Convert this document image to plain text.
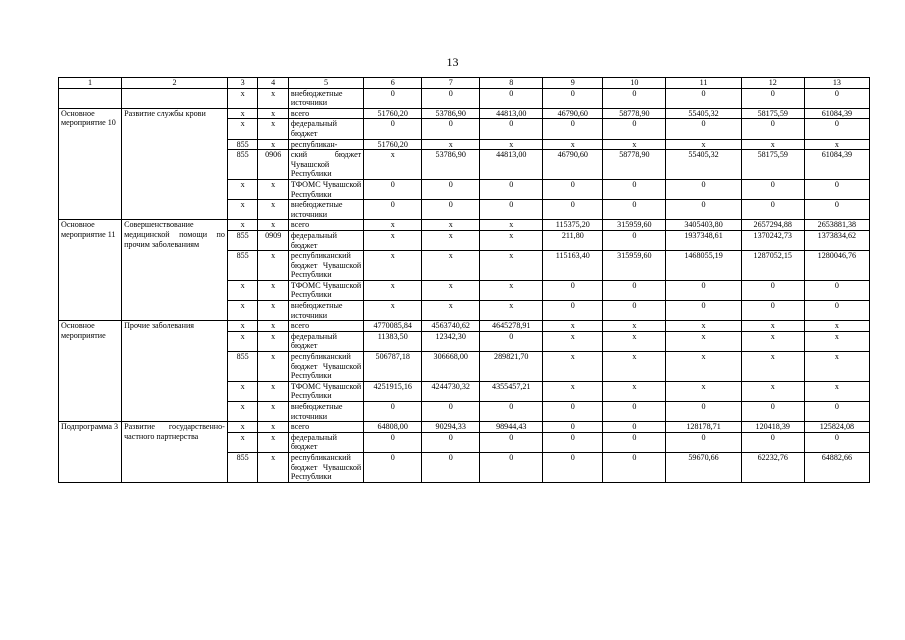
13
1	2	3	4	5	6	7	8	9	10	11	12	13
		x	x	внебюджетные источники	0	0	0	0	0	0	0	0
Основное мероприятие 10	Развитие службы крови	x	x	всего	51760,20	53786,90	44813,00	46790,60	58778,90	55405,32	58175,59	61084,39
		x	x	федеральный бюджет	0	0	0	0	0	0	0	0
		855	x	республикан-	51760,20	x	x	x	x	x	x	x
		855	0906	ский бюджет Чувашской Республики	x	53786,90	44813,00	46790,60	58778,90	55405,32	58175,59	61084,39
		x	x	ТФОМС Чувашской Республики	0	0	0	0	0	0	0	0
		x	x	внебюджетные источники	0	0	0	0	0	0	0	0
Основное мероприятие 11	Совершенствование медицинской помощи по прочим заболеваниям	x	x	всего	x	x	x	115375,20	315959,60	3405403,80	2657294,88	2653881,38
		855	0909	федеральный бюджет	x	x	x	211,80	0	1937348,61	1370242,73	1373834,62
		855	x	республиканский бюджет Чувашской Республики	x	x	x	115163,40	315959,60	1468055,19	1287052,15	1280046,76
		x	x	ТФОМС Чувашской Республики	x	x	x	0	0	0	0	0
		x	x	внебюджетные источники	x	x	x	0	0	0	0	0
Основное мероприятие	Прочие заболевания	x	x	всего	4770085,84	4563740,62	4645278,91	x	x	x	x	x
		x	x	федеральный бюджет	11383,50	12342,30	0	x	x	x	x	x
		855	x	республиканский бюджет Чувашской Республики	506787,18	306668,00	289821,70	x	x	x	x	x
		x	x	ТФОМС Чувашской Республики	4251915,16	4244730,32	4355457,21	x	x	x	x	x
		x	x	внебюджетные источники	0	0	0	0	0	0	0	0
Подпрограмма 3	Развитие государственно-частного партнерства	x	x	всего	64808,00	90294,33	98944,43	0	0	128178,71	120418,39	125824,08
		x	x	федеральный бюджет	0	0	0	0	0	0	0	0
		855	x	республиканский бюджет Чувашской Республики	0	0	0	0	0	59670,66	62232,76	64882,66
